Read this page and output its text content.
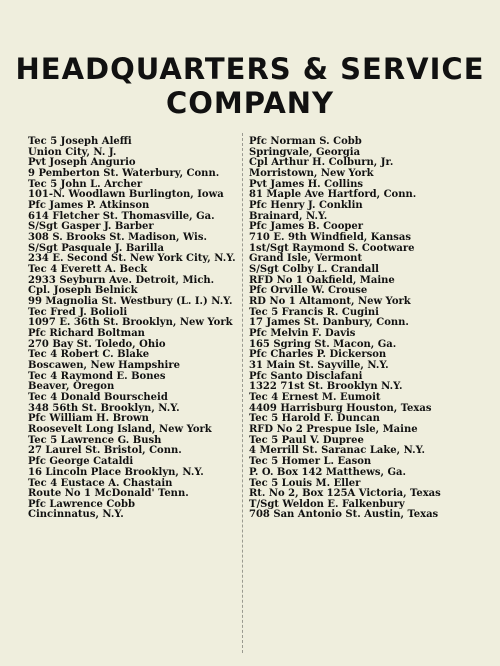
HEADQUARTERS & SERVICE
COMPANY
Tec 5 Joseph Aleffi
Union City, N. J.
Pvt Joseph Angurio
9 Pemberton St. Waterbury, Conn.
Tec 5 John L. Archer
101-N. Woodlawn Burlington, Iowa
Pfc James P. Atkinson
614 Fletcher St. Thomasville, Ga.
S/Sgt Gasper J. Barber
308 S. Brooks St. Madison, Wis.
S/Sgt Pasquale J. Barilla
234 E. Second St. New York City, N.Y.
Tec 4 Everett A. Beck
2933 Seyburn Ave. Detroit, Mich.
Cpl. Joseph Belnick
99 Magnolia St. Westbury (L. I.) N.Y.
Tec Fred J. Bolioli
1097 E. 36th St. Brooklyn, New York
Pfc Richard Boltman
270 Bay St. Toledo, Ohio
Tec 4 Robert C. Blake
Boscawen, New Hampshire
Tec 4 Raymond E. Bones
Beaver, Oregon
Tec 4 Donald Bourscheid
348 56th St. Brooklyn, N.Y.
Pfc William H. Brown
Roosevelt Long Island, New York
Tec 5 Lawrence G. Bush
27 Laurel St. Bristol, Conn.
Pfc George Cataldi
16 Lincoln Place Brooklyn, N.Y.
Tec 4 Eustace A. Chastain
Route No 1 McDonald' Tenn.
Pfc Lawrence Cobb
Cincinnatus, N.Y.
Pfc Norman S. Cobb
Springvale, Georgia
Cpl Arthur H. Colburn, Jr.
Morristown, New York
Pvt James H. Collins
81 Maple Ave Hartford, Conn.
Pfc Henry J. Conklin
Brainard, N.Y.
Pfc James B. Cooper
710 E. 9th Windfield, Kansas
1st/Sgt Raymond S. Cootware
Grand Isle, Vermont
S/Sgt Colby L. Crandall
RFD No 1 Oakfield, Maine
Pfc Orville W. Crouse
RD No 1 Altamont, New York
Tec 5 Francis R. Cugini
17 James St. Danbury, Conn.
Pfc Melvin F. Davis
165 Sgring St. Macon, Ga.
Pfc Charles P. Dickerson
31 Main St. Sayville, N.Y.
Pfc Santo Disclafani
1322 71st St. Brooklyn N.Y.
Tec 4 Ernest M. Eumoit
4409 Harrisburg Houston, Texas
Tec 5 Harold F. Duncan
RFD No 2 Prespue Isle, Maine
Tec 5 Paul V. Dupree
4 Merrill St. Saranac Lake, N.Y.
Tec 5 Homer L. Eason
P. O. Box 142 Matthews, Ga.
Tec 5 Louis M. Eller
Rt. No 2, Box 125A Victoria, Texas
T/Sgt Weldon E. Falkenbury
708 San Antonio St. Austin, Texas
